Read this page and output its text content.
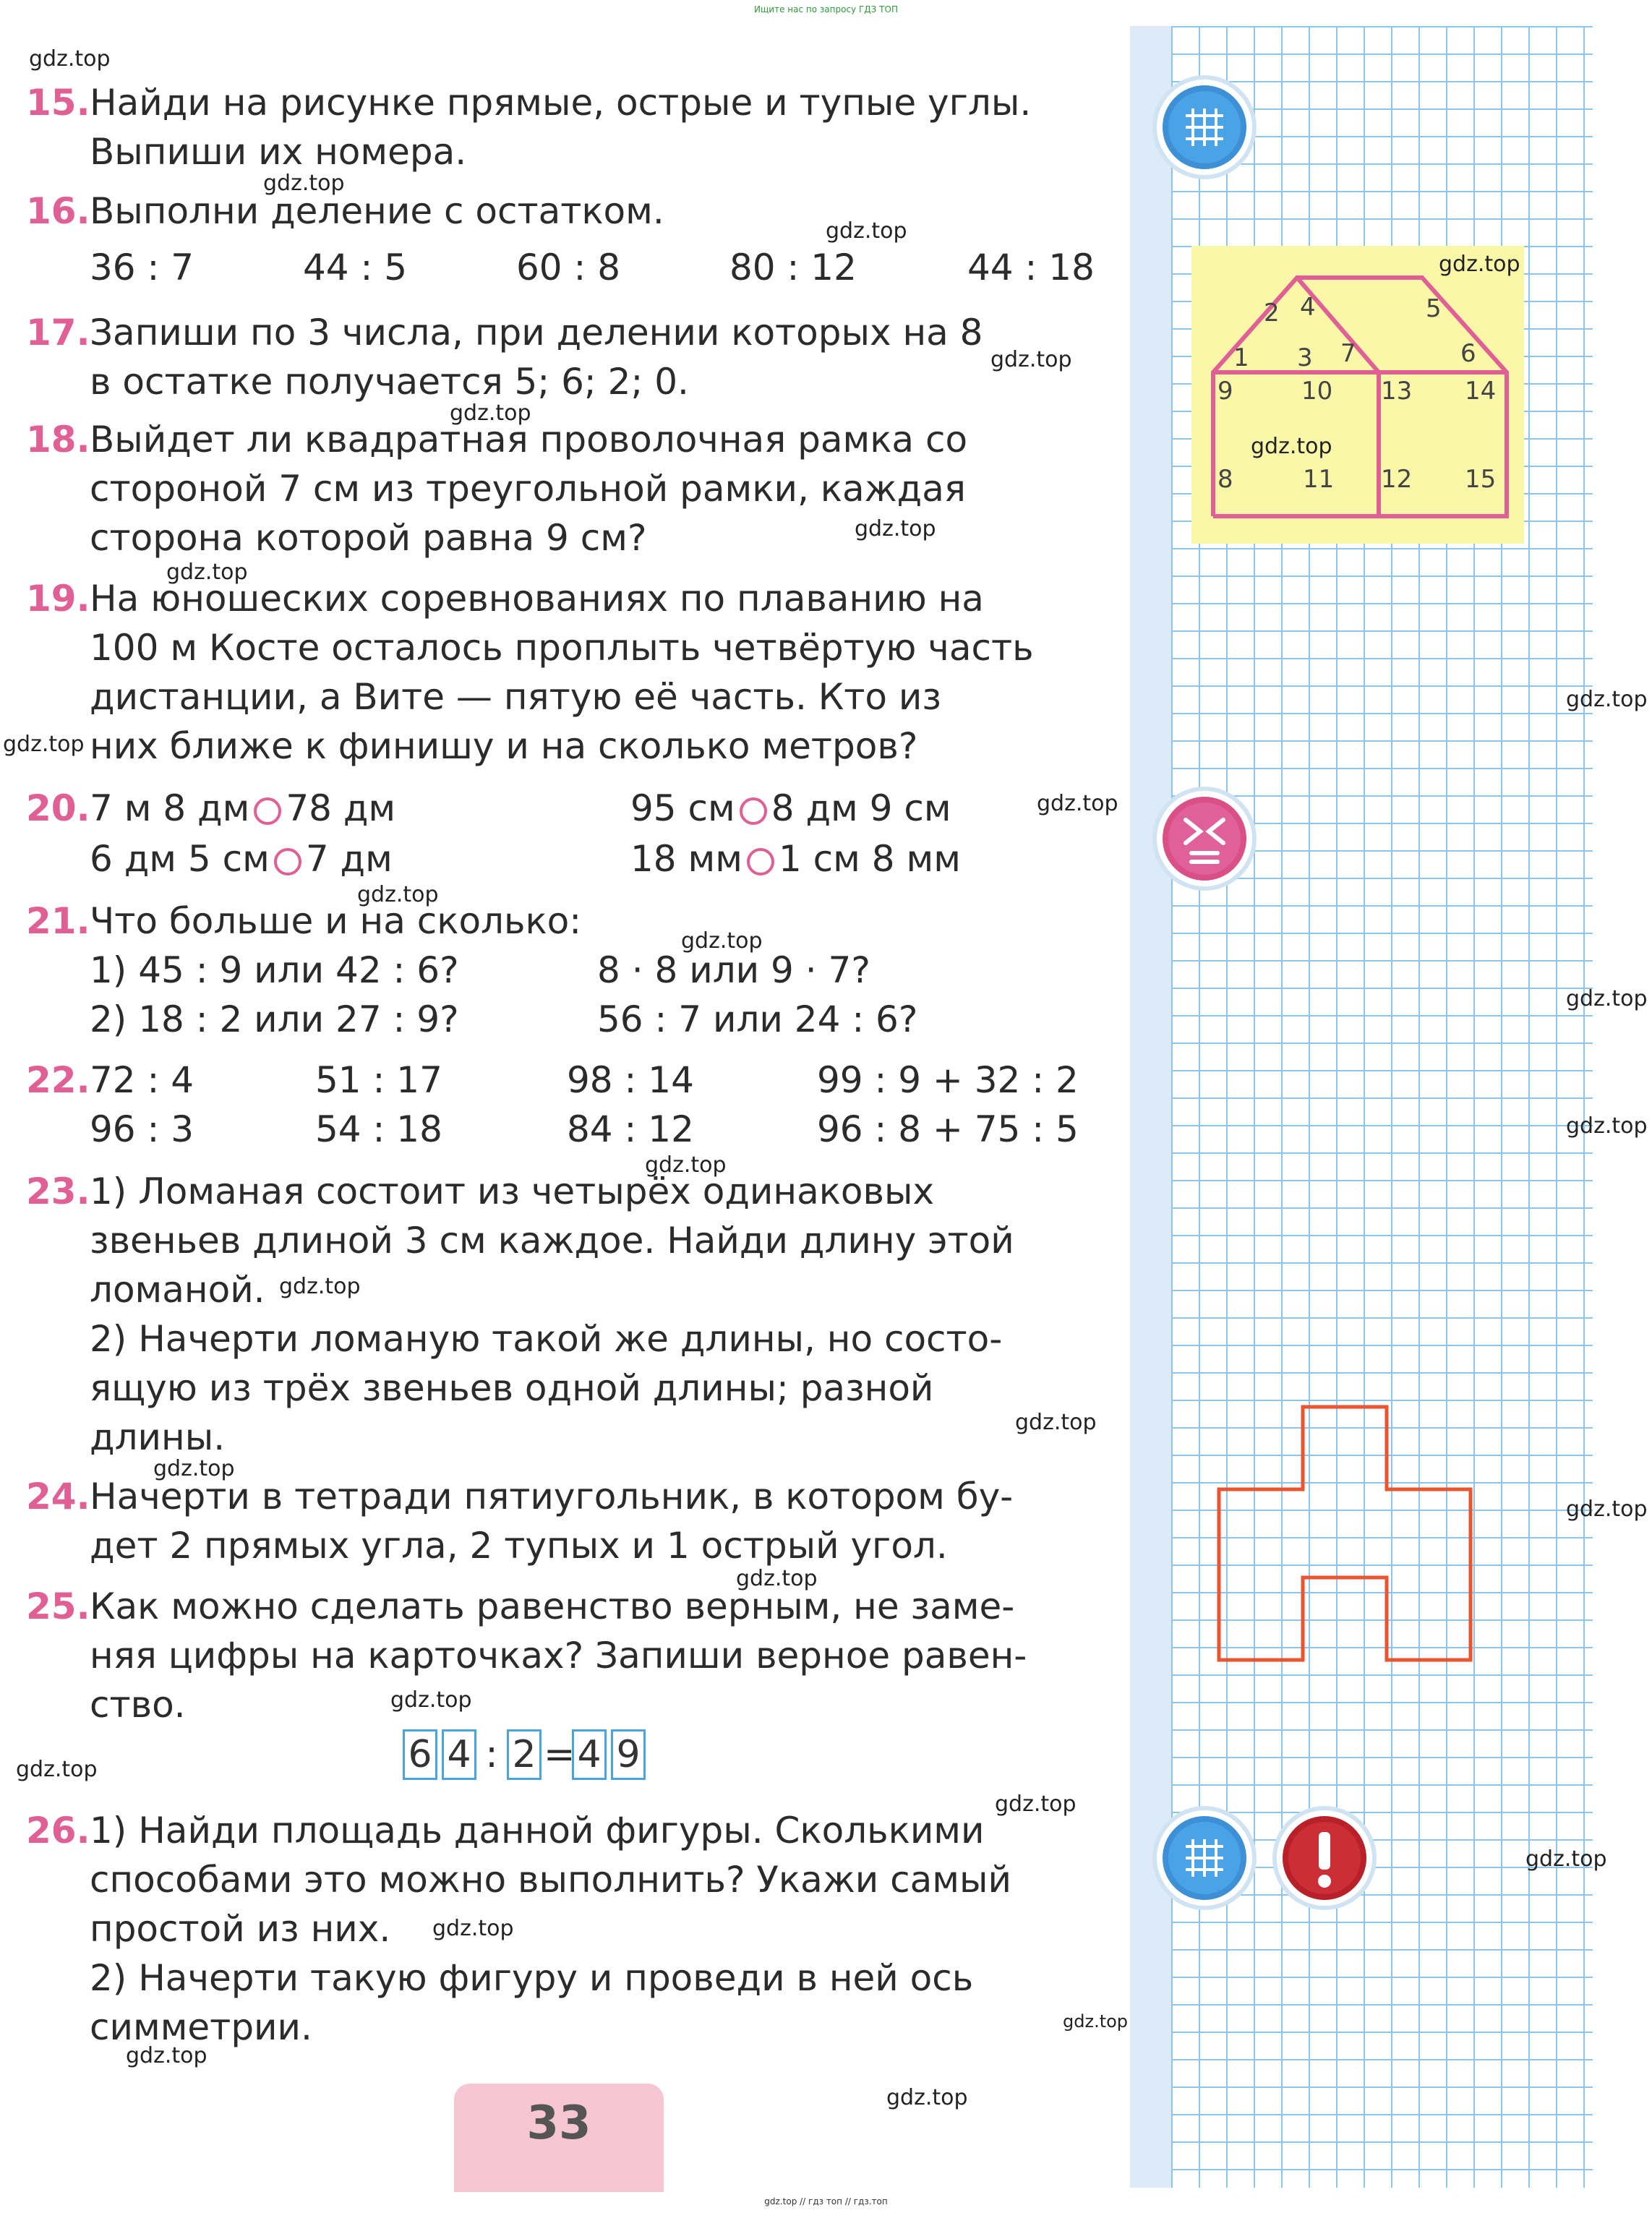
Ищите нас по запросу ГДЗ ТОП
15.Найди на рисунке прямые, острые и тупые углы.
Выпиши их номера.
16.Выполни деление с остатком.
36 : 7	44 : 5	60 : 8	80 : 12	44 : 18
17.Запиши по 3 числа, при делении которых на 8
в остатке получается 5; 6; 2; 0.
18.Выйдет ли квадратная проволочная рамка со
стороной 7 см из треугольной рамки, каждая
сторона которой равна 9 см?
19.На юношеских соревнованиях по плаванию на
100 м Косте осталось проплыть четвёртую часть
дистанции, а Вите — пятую её часть. Кто из
них ближе к финишу и на сколько метров?
20. 7 м 8 дм 78 дм	95 см 8 дм 9 см
6 дм 5 см 7 дм	18 мм 1 см 8 мм
21.Что больше и на сколько:
1) 45 : 9 или 42 : 6?	8 · 8 или 9 · 7?
2) 18 : 2 или 27 : 9?	56 : 7 или 24 : 6?
22. 72 : 4	51 : 17	98 : 14	99 : 9 + 32 : 2
96 : 3	54 : 18	84 : 12	96 : 8 + 75 : 5
23.1) Ломаная состоит из четырёх одинаковых
звеньев длиной 3 см каждое. Найди длину этой
ломаной.
2) Начерти ломаную такой же длины, но состо-
ящую из трёх звеньев одной длины; разной
длины.
24.Начерти в тетради пятиугольник, в котором бу-
дет 2 прямых угла, 2 тупых и 1 острый угол.
25.Как можно сделать равенство верным, не заме-
няя цифры на карточках? Запиши верное равен-
ство.
6 4 : 2 =4 9
26.1) Найди площадь данной фигуры. Сколькими
способами это можно выполнить? Укажи самый
простой из них.
2) Начерти такую фигуру и проведи в ней ось
симметрии.
33
1
2
3
4	5
6
7
8
9	10
11 12
13 14
15
gdz.top
gdz.top
gdz.top
gdz.top
gdz.top
gdz.top
gdz.top
gdz.top
gdz.top
gdz.top
gdz.top
gdz.top
gdz.top
gdz.top
gdz.top
gdz.top
gdz.top
gdz.top
gdz.top
gdz.top
gdz.top
gdz.top
gdz.top
gdz.top
gdz.top
gdz.top
gdz.top
gdz.top
gdz.top
gdz.top
gdz.top // гдз топ // гдз.топ
